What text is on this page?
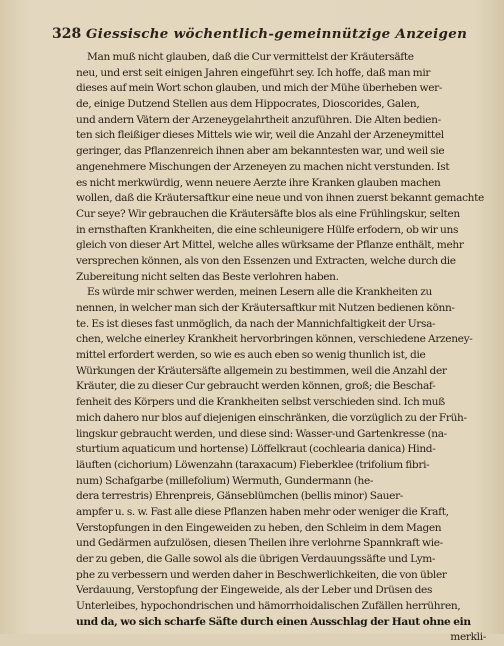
328 Giessische wöchentlich-gemeinnützige Anzeigen
Man muß nicht glauben, daß die Cur vermittelst der Kräutersäfte
neu, und erst seit einigen Jahren eingeführt sey. Ich hoffe, daß man mir
dieses auf mein Wort schon glauben, und mich der Mühe überheben wer-
de, einige Dutzend Stellen aus dem Hippocrates, Dioscorides, Galen,
und andern Vätern der Arzeneygelahrtheit anzuführen. Die Alten bedien-
ten sich fleißiger dieses Mittels wie wir, weil die Anzahl der Arzeneymittel
geringer, das Pflanzenreich ihnen aber am bekanntesten war, und weil sie
angenehmere Mischungen der Arzeneyen zu machen nicht verstunden. Ist
es nicht merkwürdig, wenn neuere Aerzte ihre Kranken glauben machen
wollen, daß die Kräutersaftkur eine neue und von ihnen zuerst bekannt gemachte
Cur seye? Wir gebrauchen die Kräutersäfte blos als eine Frühlingskur, selten
in ernsthaften Krankheiten, die eine schleunigere Hülfe erfodern, ob wir uns
gleich von dieser Art Mittel, welche alles würksame der Pflanze enthält, mehr
versprechen können, als von den Essenzen und Extracten, welche durch die
Zubereitung nicht selten das Beste verlohren haben.
Es würde mir schwer werden, meinen Lesern alle die Krankheiten zu
nennen, in welcher man sich der Kräutersaftkur mit Nutzen bedienen könn-
te. Es ist dieses fast unmöglich, da nach der Mannichfaltigkeit der Ursa-
chen, welche einerley Krankheit hervorbringen können, verschiedene Arzeney-
mittel erfordert werden, so wie es auch eben so wenig thunlich ist, die
Würkungen der Kräutersäfte allgemein zu bestimmen, weil die Anzahl der
Kräuter, die zu dieser Cur gebraucht werden können, groß; die Beschaf-
fenheit des Körpers und die Krankheiten selbst verschieden sind. Ich muß
mich dahero nur blos auf diejenigen einschränken, die vorzüglich zu der Früh-
lingskur gebraucht werden, und diese sind: Wasser-und Gartenkresse (na-
sturtium aquaticum und hortense) Löffelkraut (cochlearia danica) Hind-
läuften (cichorium) Löwenzahn (taraxacum) Fieberklee (trifolium fibri-
num) Schafgarbe (millefolium) Wermuth, Gundermann (he-
dera terrestris) Ehrenpreis, Gänseblümchen (bellis minor) Sauer-
ampfer u. s. w. Fast alle diese Pflanzen haben mehr oder weniger die Kraft,
Verstopfungen in den Eingeweiden zu heben, den Schleim in dem Magen
und Gedärmen aufzulösen, diesen Theilen ihre verlohrne Spannkraft wie-
der zu geben, die Galle sowol als die übrigen Verdauungssäfte und Lym-
phe zu verbessern und werden daher in Beschwerlichkeiten, die von übler
Verdauung, Verstopfung der Eingeweide, als der Leber und Drüsen des
Unterleibes, hypochondrischen und hämorrhoidalischen Zufällen herrühren,
und da, wo sich scharfe Säfte durch einen Ausschlag der Haut ohne ein
merkli-
